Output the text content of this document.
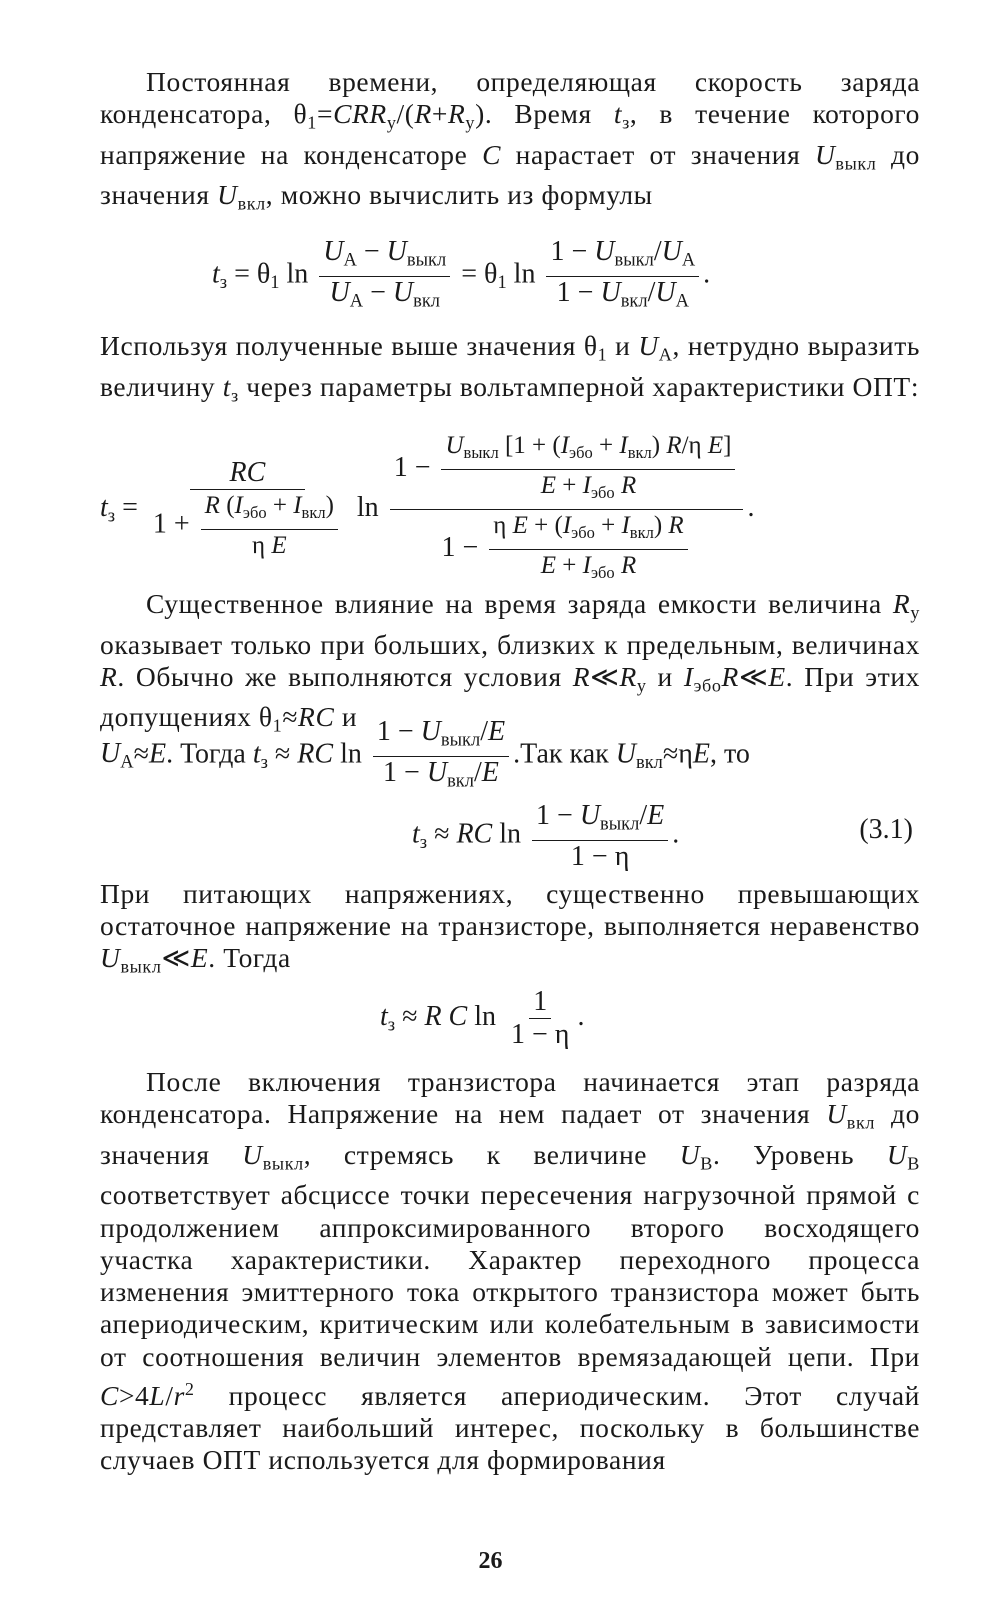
Постоянная времени, определяющая скорость заряда конденсатора, $\theta_1=CRR_у/(R+R_у)$. Время $t_з$, в течение которого напряжение на конденсаторе C нарастает от значения $U_{выкл}$ до значения $U_{вкл}$, можно вычислить из формулы
$t_з = \theta_1$ $\ln \frac{U_A - U_{выкл}}{U_A - U_{вкл}} = \theta_1$ $\ln \frac{1 - U_{выкл}/U_A}{1 - U_{вкл}/U_A}$ .
Используя полученные выше значения $\theta_1$ и $U_A$, нетрудно выразить величину $t_з$ через параметры вольтамперной характеристики ОПТ:
$t_з = \frac{RC}{1 + \frac{R (I_{эбо} + I_{вкл})}{\text{η E}}}$ $\ln \frac{1 - \frac{U_{выкл} [1 + (I_{эбо} + I_{вкл}) R/\eta E]}{E + I_{эбо} R}}{1 - \frac{\eta E + (I_{эбо} + I_{вкл}) R}{E + I_{эбо} R}}$ .
Существенное влияние на время заряда емкости величина $R_у$ оказывает только при больших, близких к предельным, величинах R. Обычно же выполняются условия $R≪R_у$ и $I_{эбо}R≪E$. При этих допущениях $\theta_1\approx RC$ и
$U_A\approx E$. Тогда $t_з$ ≈ RC $\ln \frac{1 - U_{выкл}/E}{1 - U_{вкл}/E} .Так$ как $U_{вкл}\approx\eta E$, то
$t_з$ ≈ RC $\ln \frac{1 - U_{выкл}/E}{1 - \eta}$ .	(3.1)
При питающих напряжениях, существенно превышающих остаточное напряжение на транзисторе, выполняется неравенство $U_{выкл}≪E$. Тогда
$t_з \approx R$ C $\ln \frac{1}{1 - \eta}$ .
После включения транзистора начинается этап разряда конденсатора. Напряжение на нем падает от значения $U_{вкл}$ до значения $U_{выкл}$, стремясь к величине $U_B$. Уровень $U_B$ соответствует абсциссе точки пересечения нагрузочной прямой с продолжением аппроксимированного второго восходящего участка характеристики. Характер переходного процесса изменения эмиттерного тока открытого транзистора может быть апериодическим, критическим или колебательным в зависимости от соотношения величин элементов времязадающей цепи. При $C>4L/r^2$ процесс является апериодическим. Этот случай представляет наибольший интерес, поскольку в большинстве случаев ОПТ используется для формирования
26
